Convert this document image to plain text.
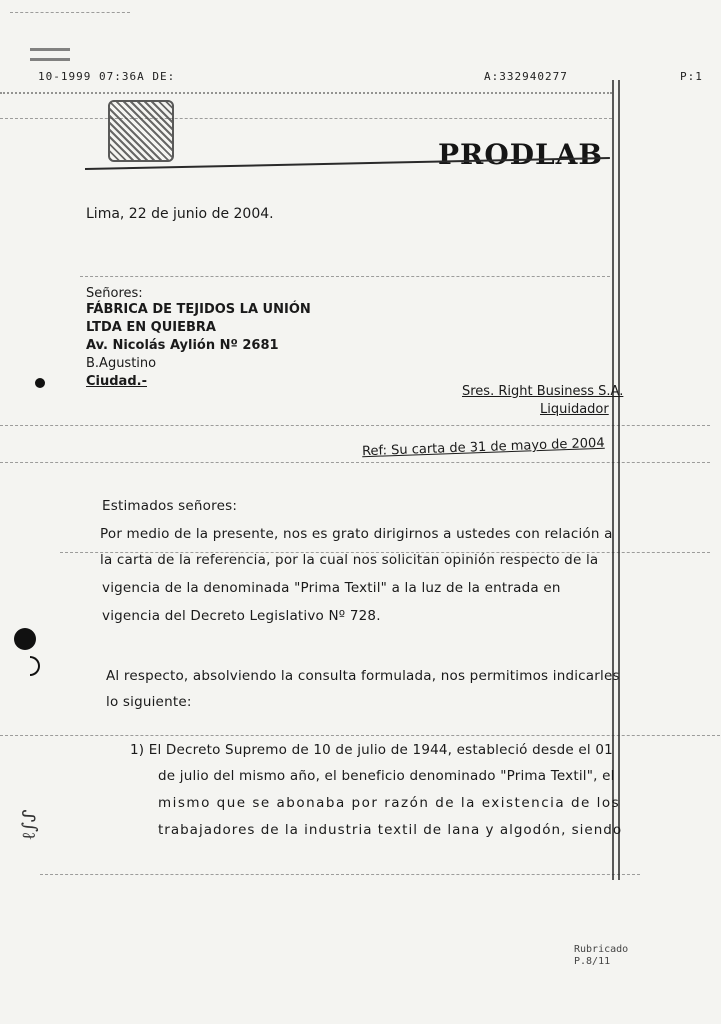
10-1999 07:36A DE:	A:332940277	P:1
PRODLAB
Lima, 22 de junio de 2004.
Señores:
FÁBRICA DE TEJIDOS LA UNIÓN
LTDA EN QUIEBRA
Av. Nicolás Aylión Nº 2681
B.Agustino
Ciudad.-
Sres. Right Business S.A.
Liquidador
Ref: Su carta de 31 de mayo de 2004
Estimados señores:
Por medio de la presente, nos es grato dirigirnos a ustedes con relación a
la carta de la referencia, por la cual nos solicitan opinión respecto de la
vigencia de la denominada "Prima Textil" a la luz de la entrada en
vigencia del Decreto Legislativo Nº 728.
Al respecto, absolviendo la consulta formulada, nos permitimos indicarles
lo siguiente:
1) El Decreto Supremo de 10 de julio de 1944, estableció desde el 01
de julio del mismo año, el beneficio denominado "Prima Textil", el
mismo que se abonaba por razón de la existencia de los
trabajadores de la industria textil de lana y algodón, siendo
ℓ∫ᔑ
Rubricado
P.8/11
